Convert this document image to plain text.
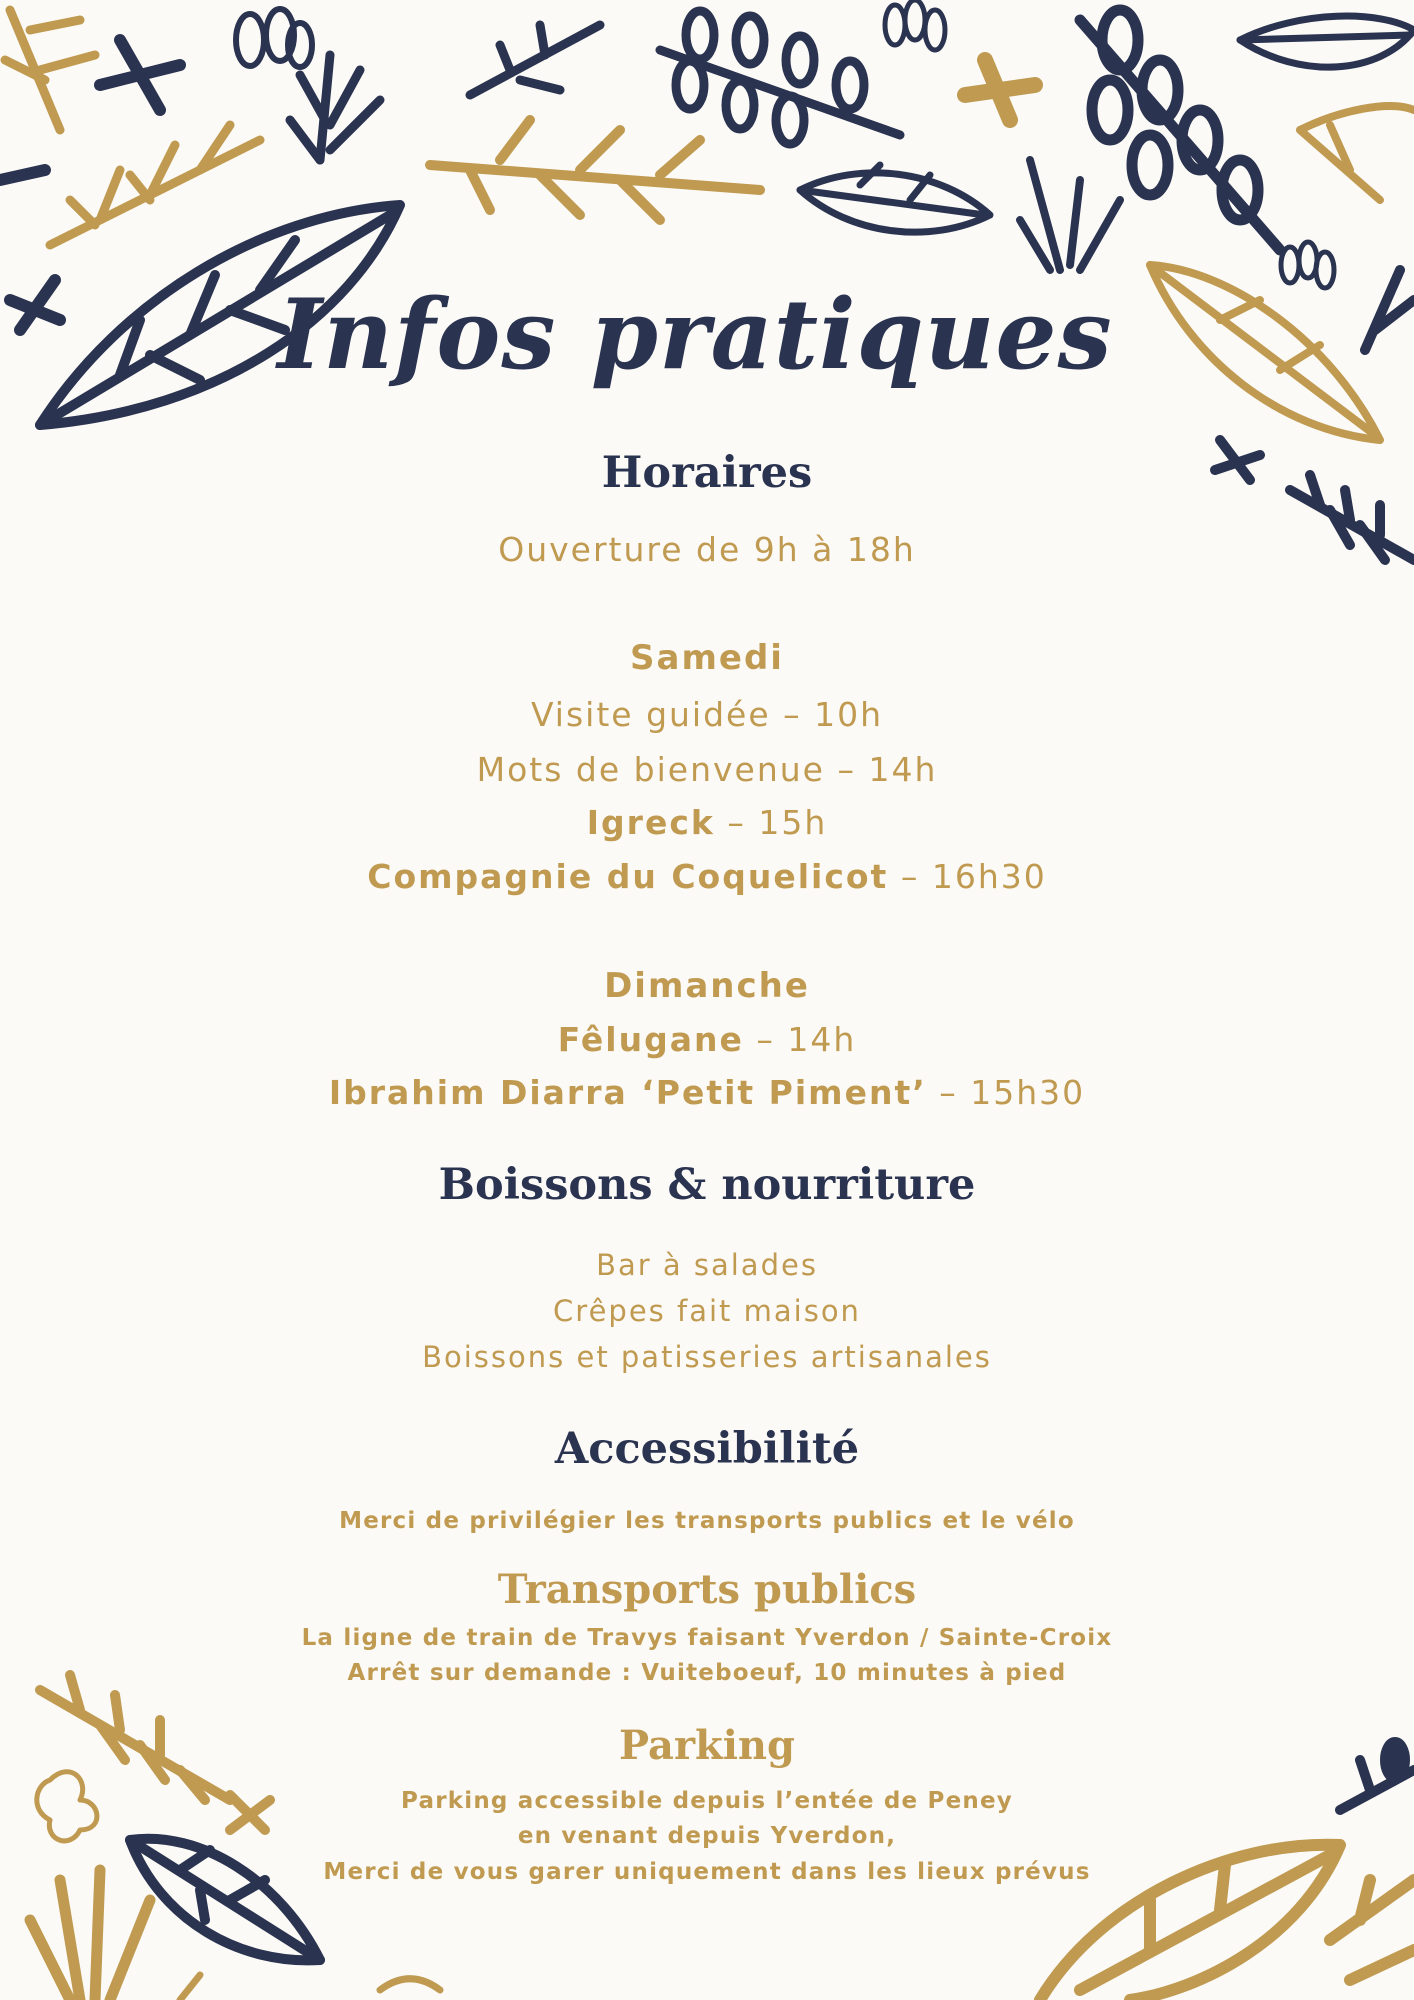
Infos pratiques
Horaires
Ouverture de 9h à 18h
Samedi
Visite guidée – 10h
Mots de bienvenue – 14h
Igreck – 15h
Compagnie du Coquelicot – 16h30
Dimanche
Fêlugane – 14h
Ibrahim Diarra ‘Petit Piment’ – 15h30
Boissons & nourriture
Bar à salades
Crêpes fait maison
Boissons et patisseries artisanales
Accessibilité
Merci de privilégier les transports publics et le vélo
Transports publics
La ligne de train de Travys faisant Yverdon / Sainte-Croix
Arrêt sur demande : Vuiteboeuf, 10 minutes à pied
Parking
Parking accessible depuis l’entée de Peney
en venant depuis Yverdon,
Merci de vous garer uniquement dans les lieux prévus
